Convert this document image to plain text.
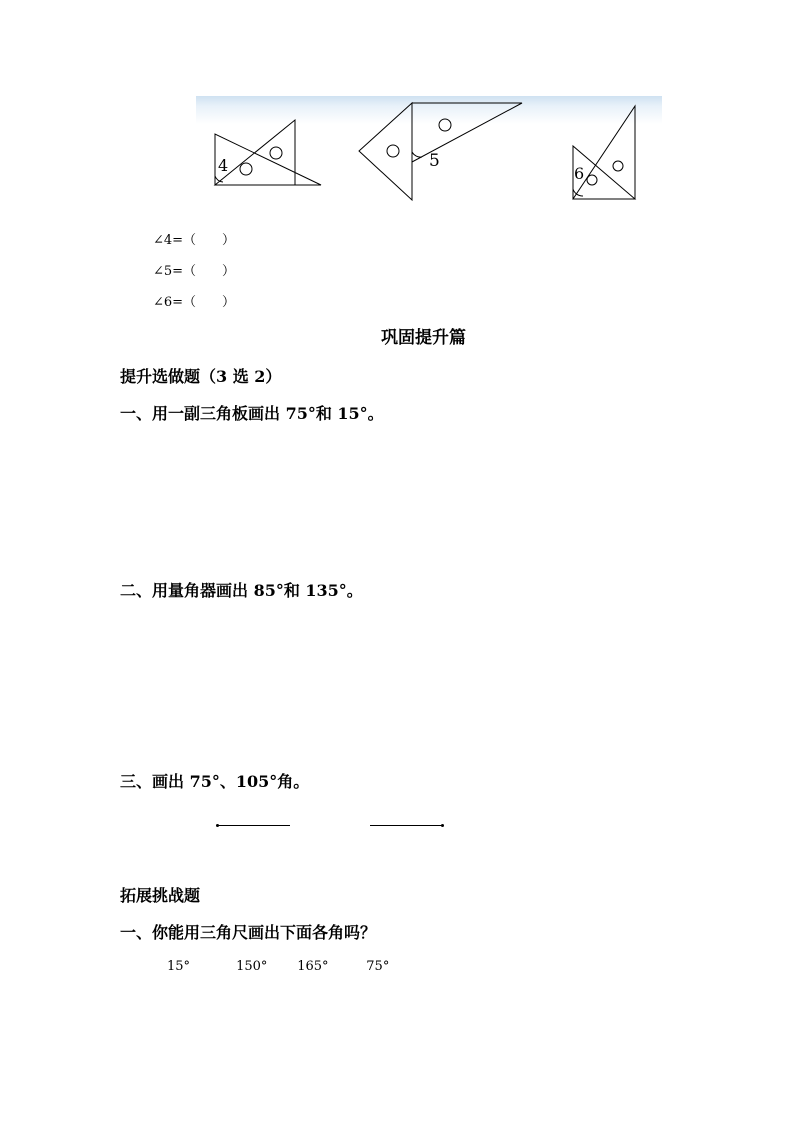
4	5
6
∠4=（　　）
∠5=（　　）
∠6=（　　）
巩固提升篇
提升选做题（3 选 2）
一、用一副三角板画出 75°和 15°。
二、用量角器画出 85°和 135°。
三、画出 75°、105°角。
拓展挑战题
一、你能用三角尺画出下面各角吗？
15°	150° 165°	75°
